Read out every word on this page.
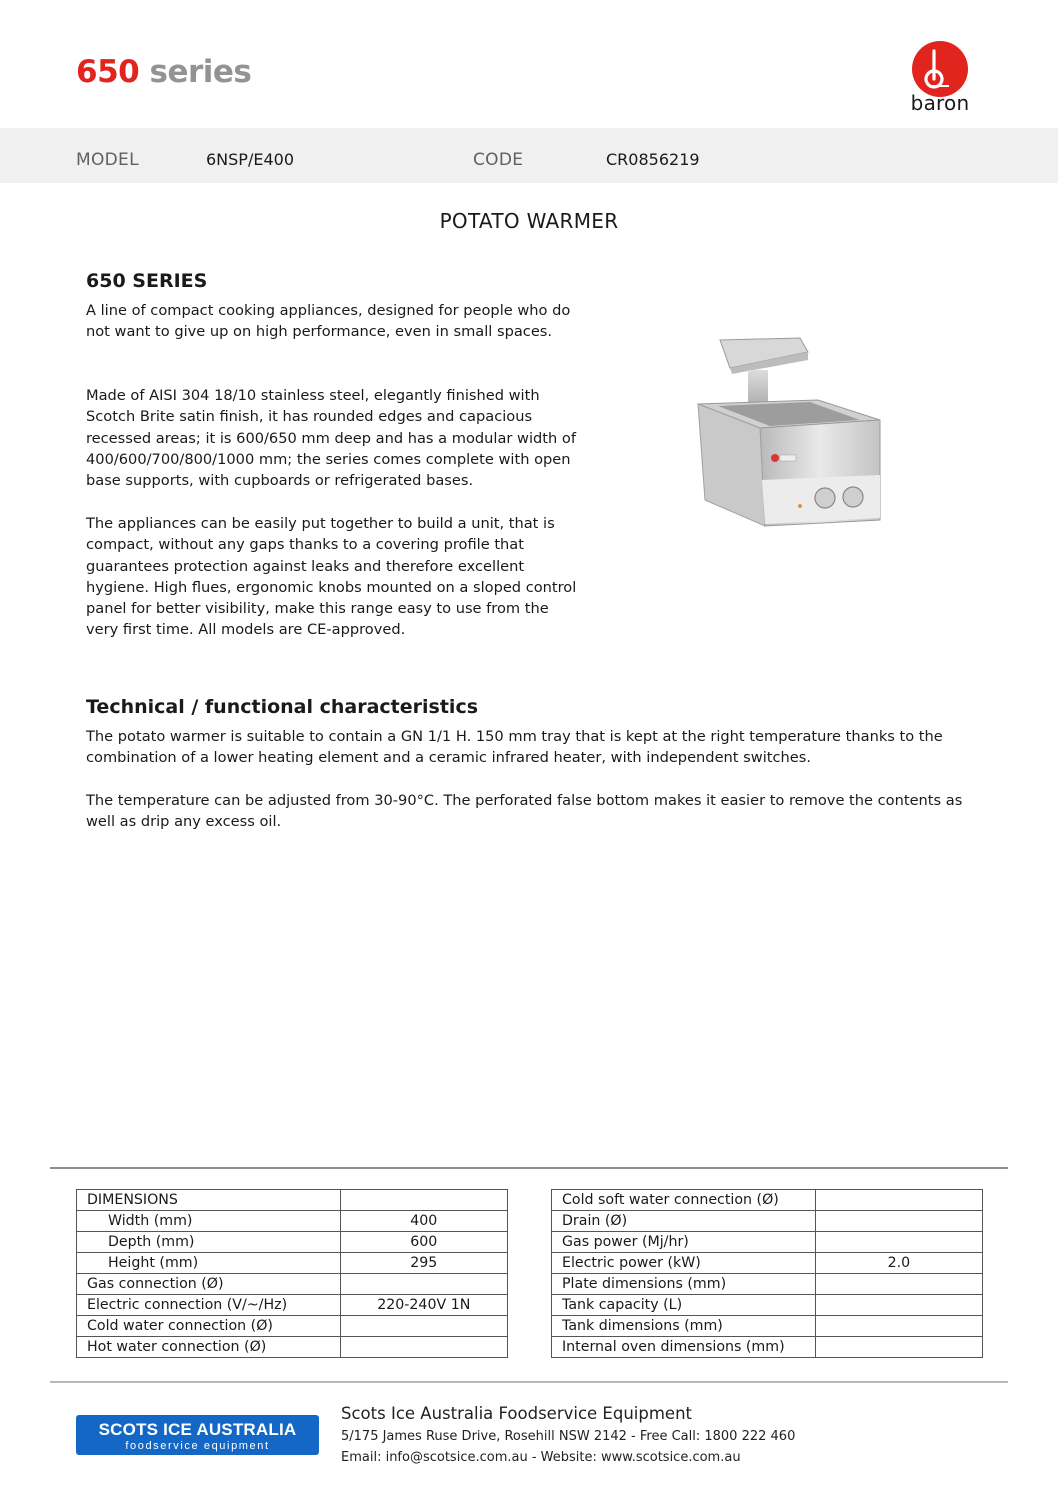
650 series
baron
MODEL	6NSP/E400	CODE	CR0856219
POTATO WARMER
650 SERIES
A line of compact cooking appliances, designed for people who do not want to give up on high performance, even in small spaces.
Made of AISI 304 18/10 stainless steel, elegantly finished with Scotch Brite satin finish, it has rounded edges and capacious recessed areas; it is 600/650 mm deep and has a modular width of 400/600/700/800/1000 mm; the series comes complete with open base supports, with cupboards or refrigerated bases.
The appliances can be easily put together to build a unit, that is compact, without any gaps thanks to a covering profile that guarantees protection against leaks and therefore excellent hygiene. High flues, ergonomic knobs mounted on a sloped control panel for better visibility, make this range easy to use from the very first time. All models are CE-approved.
Technical / functional characteristics
The potato warmer is suitable to contain a GN 1/1 H. 150 mm tray that is kept at the right temperature thanks to the combination of a lower heating element and a ceramic infrared heater, with independent switches.
The temperature can be adjusted from 30-90°C. The perforated false bottom makes it easier to remove the contents as well as drip any excess oil.
DIMENSIONS	
Width (mm)	400
Depth (mm)	600
Height (mm)	295
Gas connection (Ø)	
Electric connection (V/~/Hz)	220-240V 1N
Cold water connection (Ø)	
Hot water connection (Ø)	
Cold soft water connection (Ø)	
Drain (Ø)	
Gas power (Mj/hr)	
Electric power (kW)	2.0
Plate dimensions (mm)	
Tank capacity (L)	
Tank dimensions (mm)	
Internal oven dimensions (mm)	
SCOTS ICE AUSTRALIA
foodservice equipment
Scots Ice Australia Foodservice Equipment
5/175 James Ruse Drive, Rosehill NSW 2142 - Free Call: 1800 222 460
Email: info@scotsice.com.au - Website: www.scotsice.com.au
